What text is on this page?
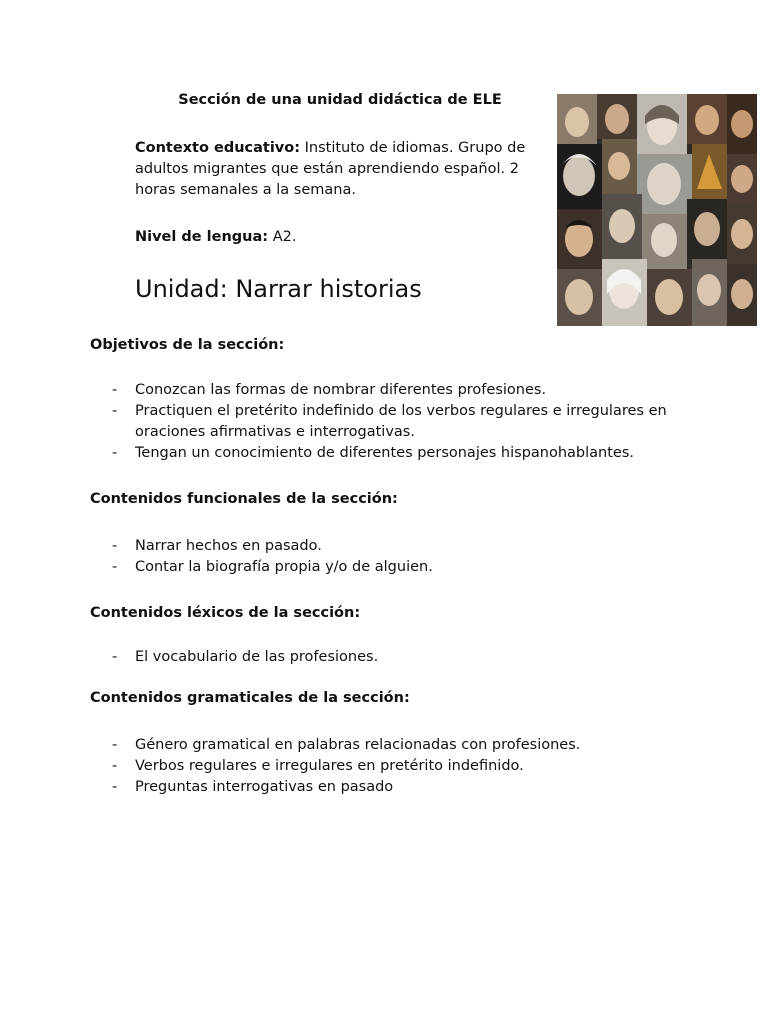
Sección de una unidad didáctica de ELE

Contexto educativo: Instituto de idiomas. Grupo de adultos migrantes que están aprendiendo español. 2 horas semanales a la semana.

Nivel de lengua: A2.

Unidad: Narrar historias
Objetivos de la sección:
- Conozcan las formas de nombrar diferentes profesiones.
- Practiquen el pretérito indefinido de los verbos regulares e irregulares en oraciones afirmativas e interrogativas.
- Tengan un conocimiento de diferentes personajes hispanohablantes.
Contenidos funcionales de la sección:
- Narrar hechos en pasado.
- Contar la biografía propia y/o de alguien.
Contenidos léxicos de la sección:
- El vocabulario de las profesiones.
Contenidos gramaticales de la sección:
- Género gramatical en palabras relacionadas con profesiones.
- Verbos regulares e irregulares en pretérito indefinido.
- Preguntas interrogativas en pasado
